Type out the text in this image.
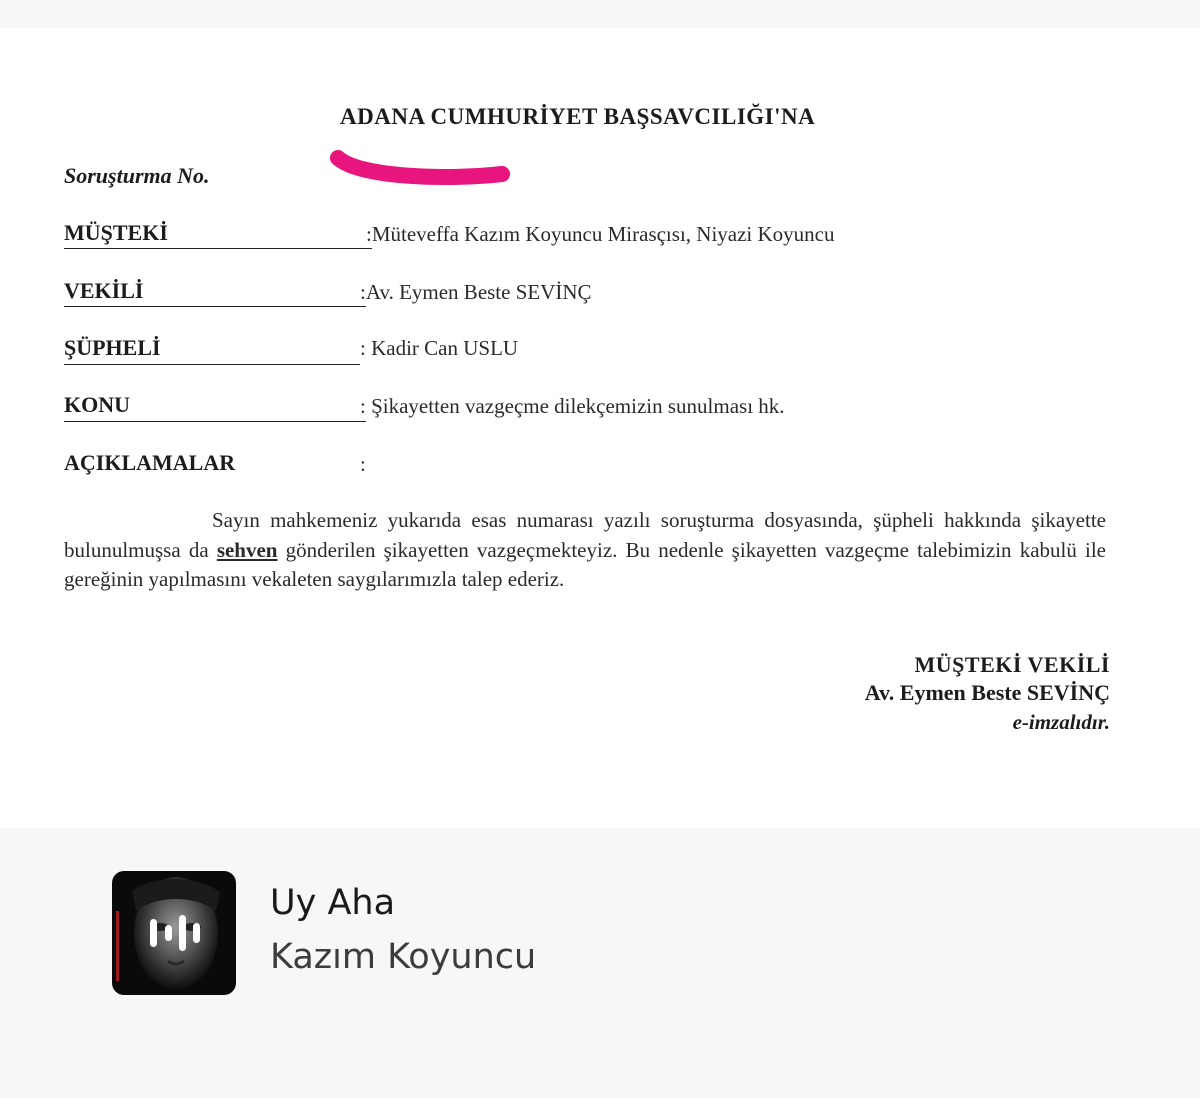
ADANA CUMHURİYET BAŞSAVCILIĞI'NA
Soruşturma No.
MÜŞTEKİ	:Müteveffa Kazım Koyuncu Mirasçısı, Niyazi Koyuncu
VEKİLİ	:Av. Eymen Beste SEVİNÇ
ŞÜPHELİ	: Kadir Can USLU
KONU	: Şikayetten vazgeçme dilekçemizin sunulması hk.
AÇIKLAMALAR	:
Sayın mahkemeniz yukarıda esas numarası yazılı soruşturma dosyasında, şüpheli hakkında şikayette bulunulmuşsa da sehven gönderilen şikayetten vazgeçmekteyiz. Bu nedenle şikayetten vazgeçme talebimizin kabulü ile gereğinin yapılmasını vekaleten saygılarımızla talep ederiz.
MÜŞTEKİ VEKİLİ
Av. Eymen Beste SEVİNÇ
e-imzalıdır.
Uy Aha
Kazım Koyuncu
